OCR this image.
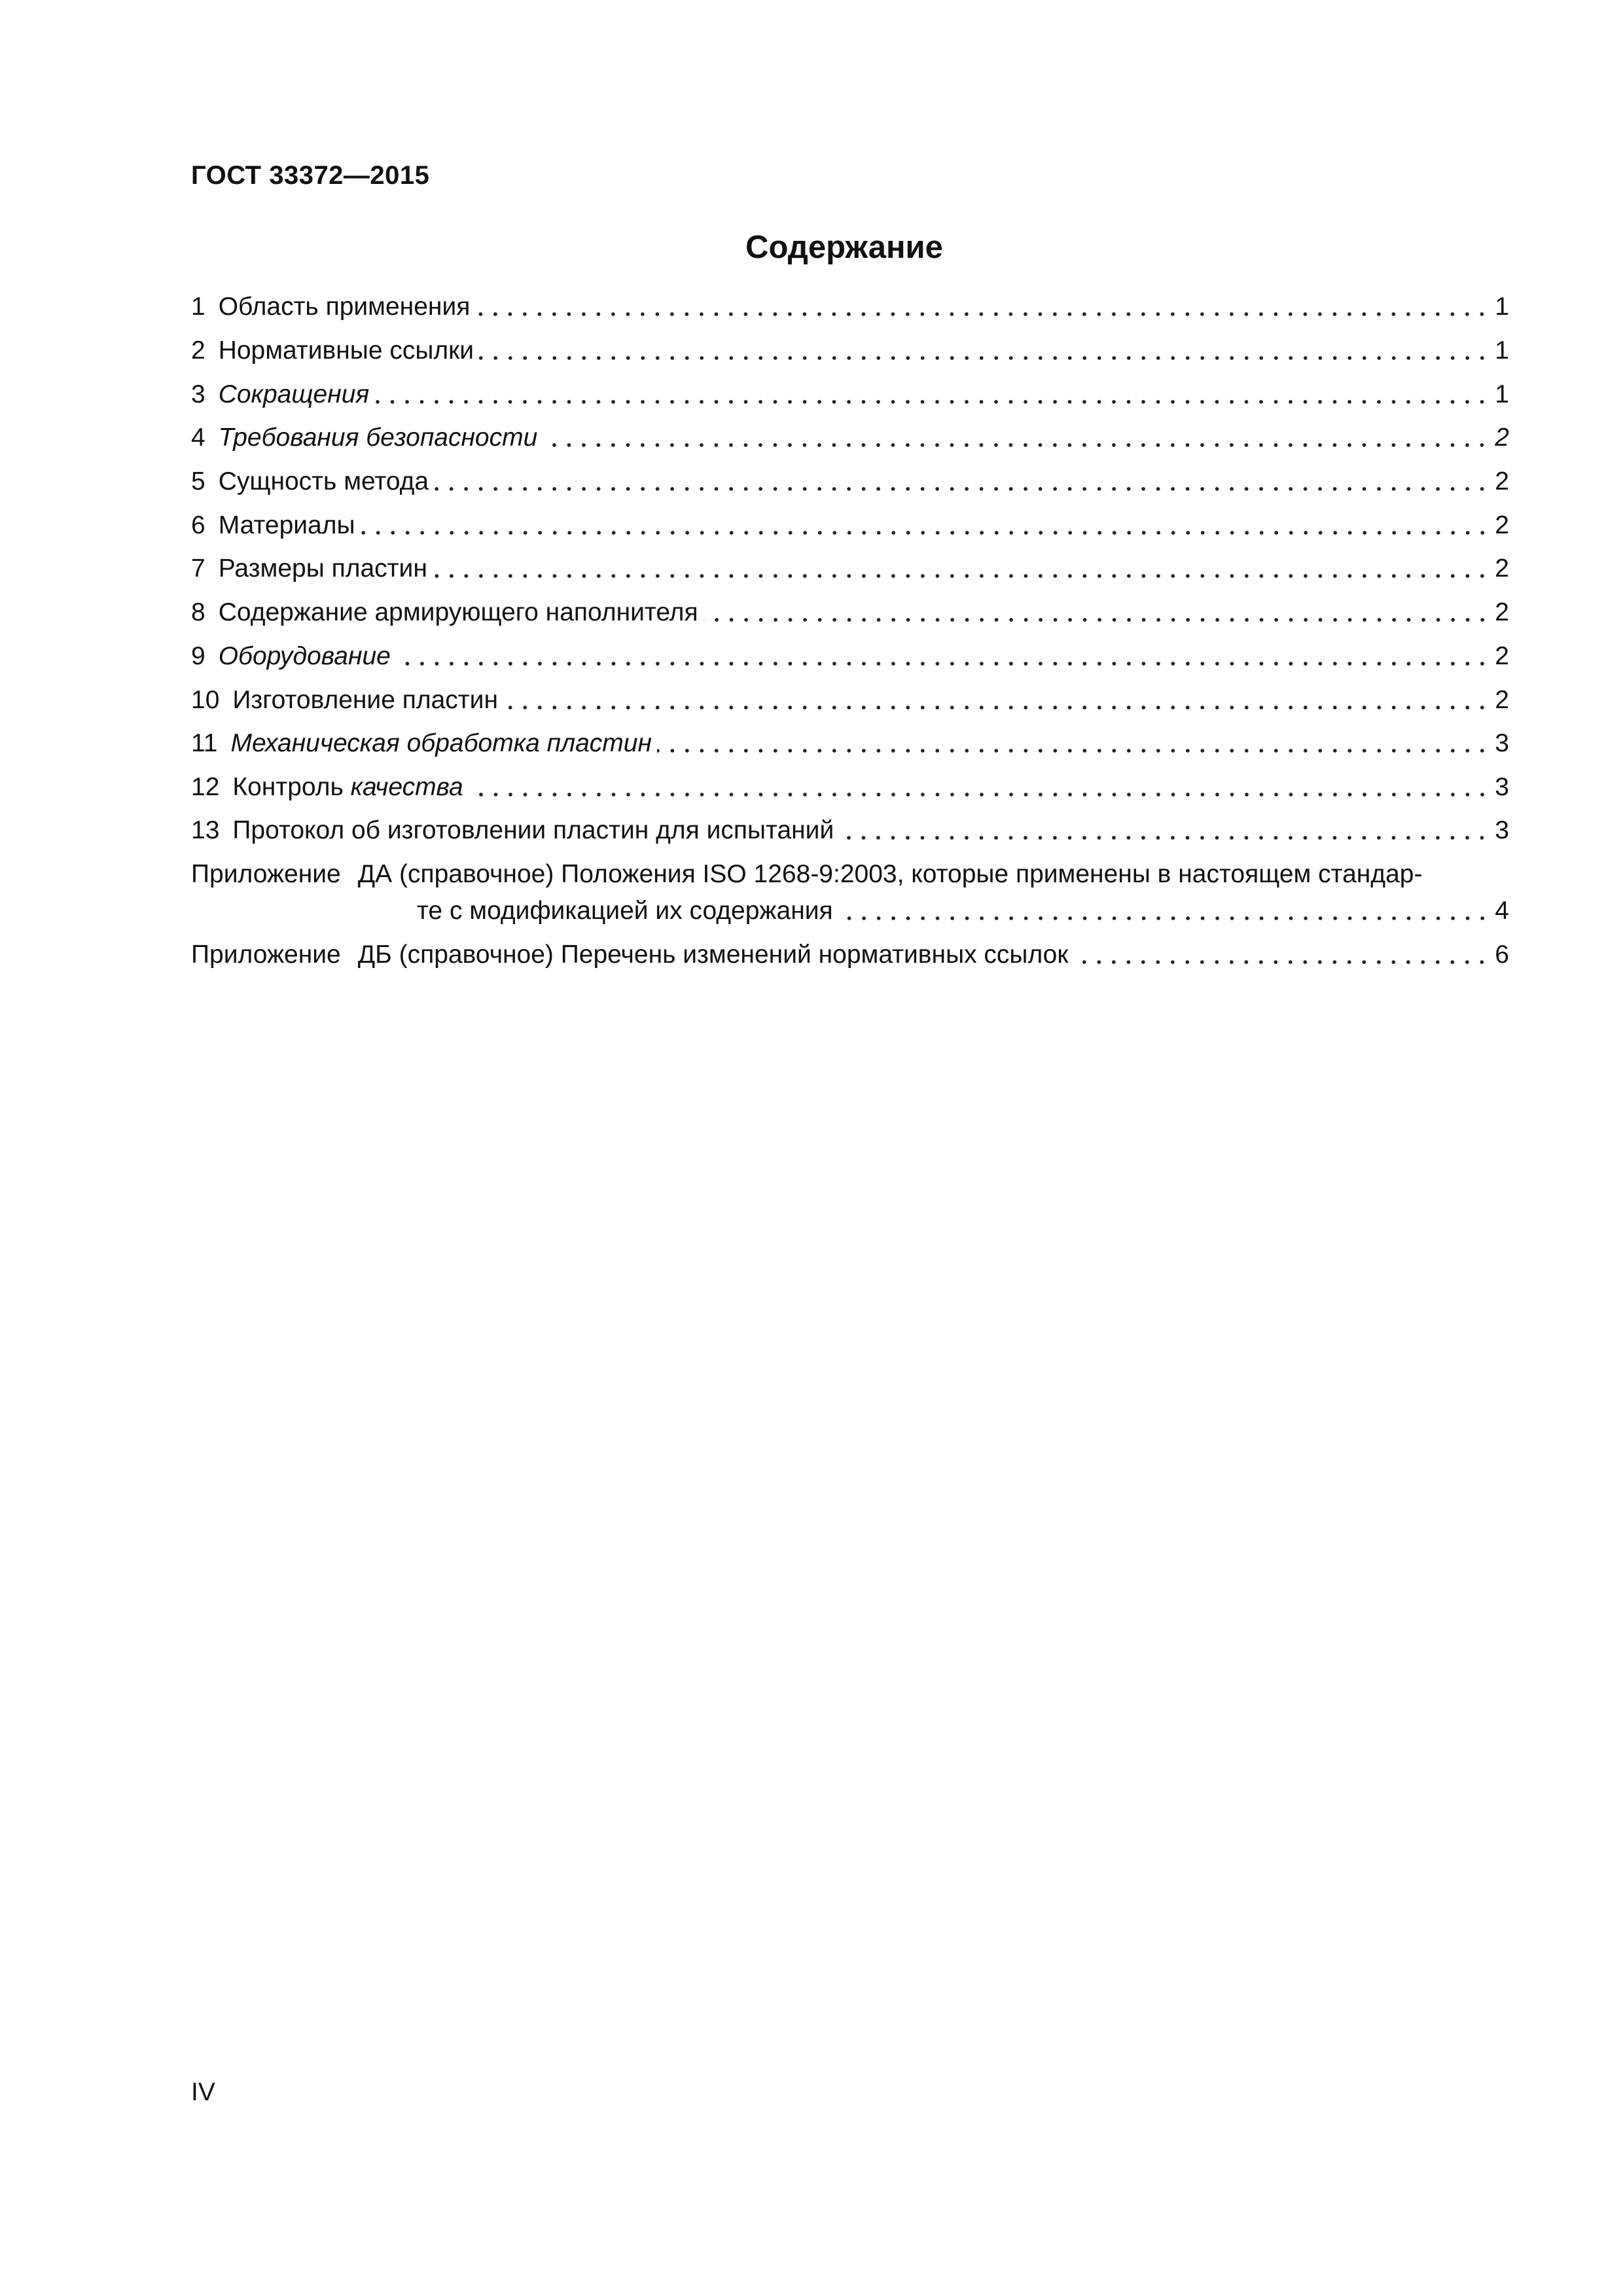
ГОСТ 33372—2015
Содержание
1 Область применения	1
2 Нормативные ссылки	1
3 Сокращения	1
4 Требования безопасности	2
5 Сущность метода	2
6 Материалы	2
7 Размеры пластин	2
8 Содержание армирующего наполнителя	2
9 Оборудование	2
10 Изготовление пластин	2
11 Механическая обработка пластин	3
12 Контроль качества	3
13 Протокол об изготовлении пластин для испытаний	3
Приложение ДА (справочное) Положения ISO 1268-9:2003, которые применены в настоящем стандар-
те с модификацией их содержания	4
Приложение ДБ (справочное) Перечень изменений нормативных ссылок	6
IV
